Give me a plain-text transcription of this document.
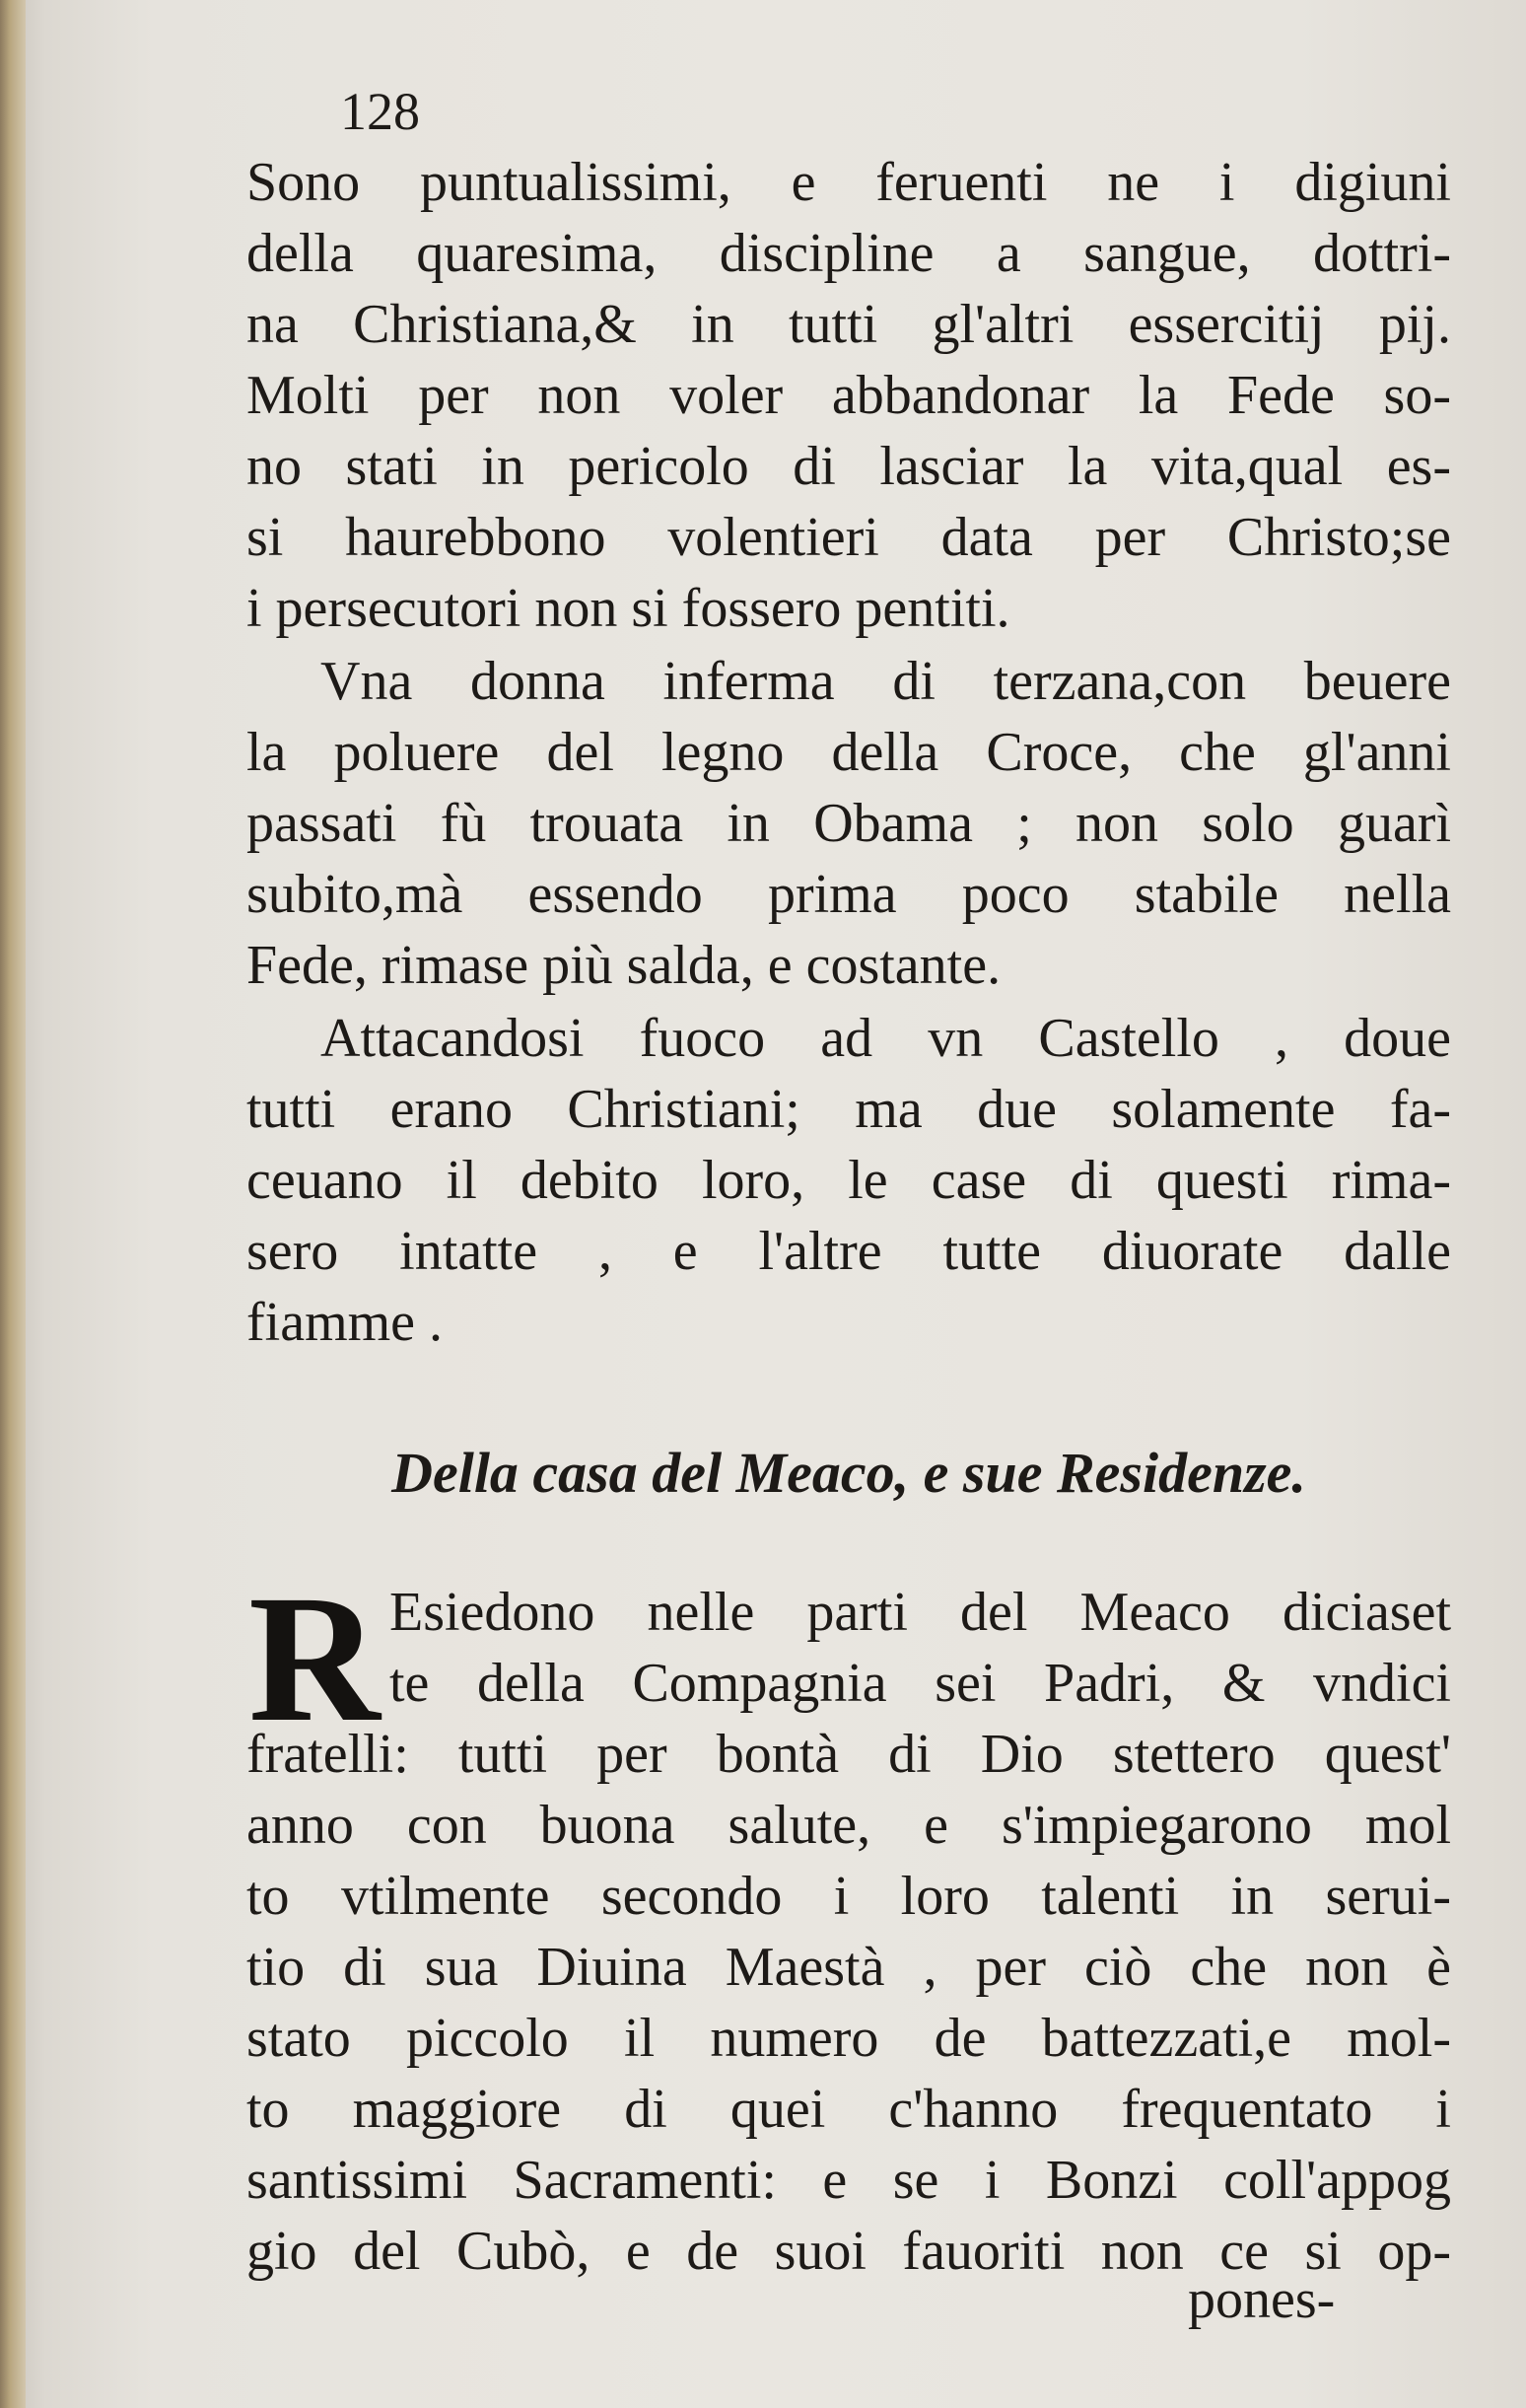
128
Sono puntualissimi, e feruenti ne i digiuni
della quaresima, discipline a sangue, dottri-
na Christiana,& in tutti gl'altri essercitij pij.
Molti per non voler abbandonar la Fede so-
no stati in pericolo di lasciar la vita,qual es-
si haurebbono volentieri data per Christo;se
i persecutori non si fossero pentiti.
Vna donna inferma di terzana,con beuere
la poluere del legno della Croce, che gl'anni
passati fù trouata in Obama ; non solo guarì
subito,mà essendo prima poco stabile nella
Fede, rimase più salda, e costante.
Attacandosi fuoco ad vn Castello , doue
tutti erano Christiani; ma due solamente fa-
ceuano il debito loro, le case di questi rima-
sero intatte , e l'altre tutte diuorate dalle
fiamme .
Della casa del Meaco, e sue Residenze.
R Esiedono nelle parti del Meaco diciaset
te della Compagnia sei Padri, & vndici
fratelli: tutti per bontà di Dio stettero quest'
anno con buona salute, e s'impiegarono mol
to vtilmente secondo i loro talenti in serui-
tio di sua Diuina Maestà , per ciò che non è
stato piccolo il numero de battezzati,e mol-
to maggiore di quei c'hanno frequentato i
santissimi Sacramenti: e se i Bonzi coll'appog
gio del Cubò, e de suoi fauoriti non ce si op-
pones-
